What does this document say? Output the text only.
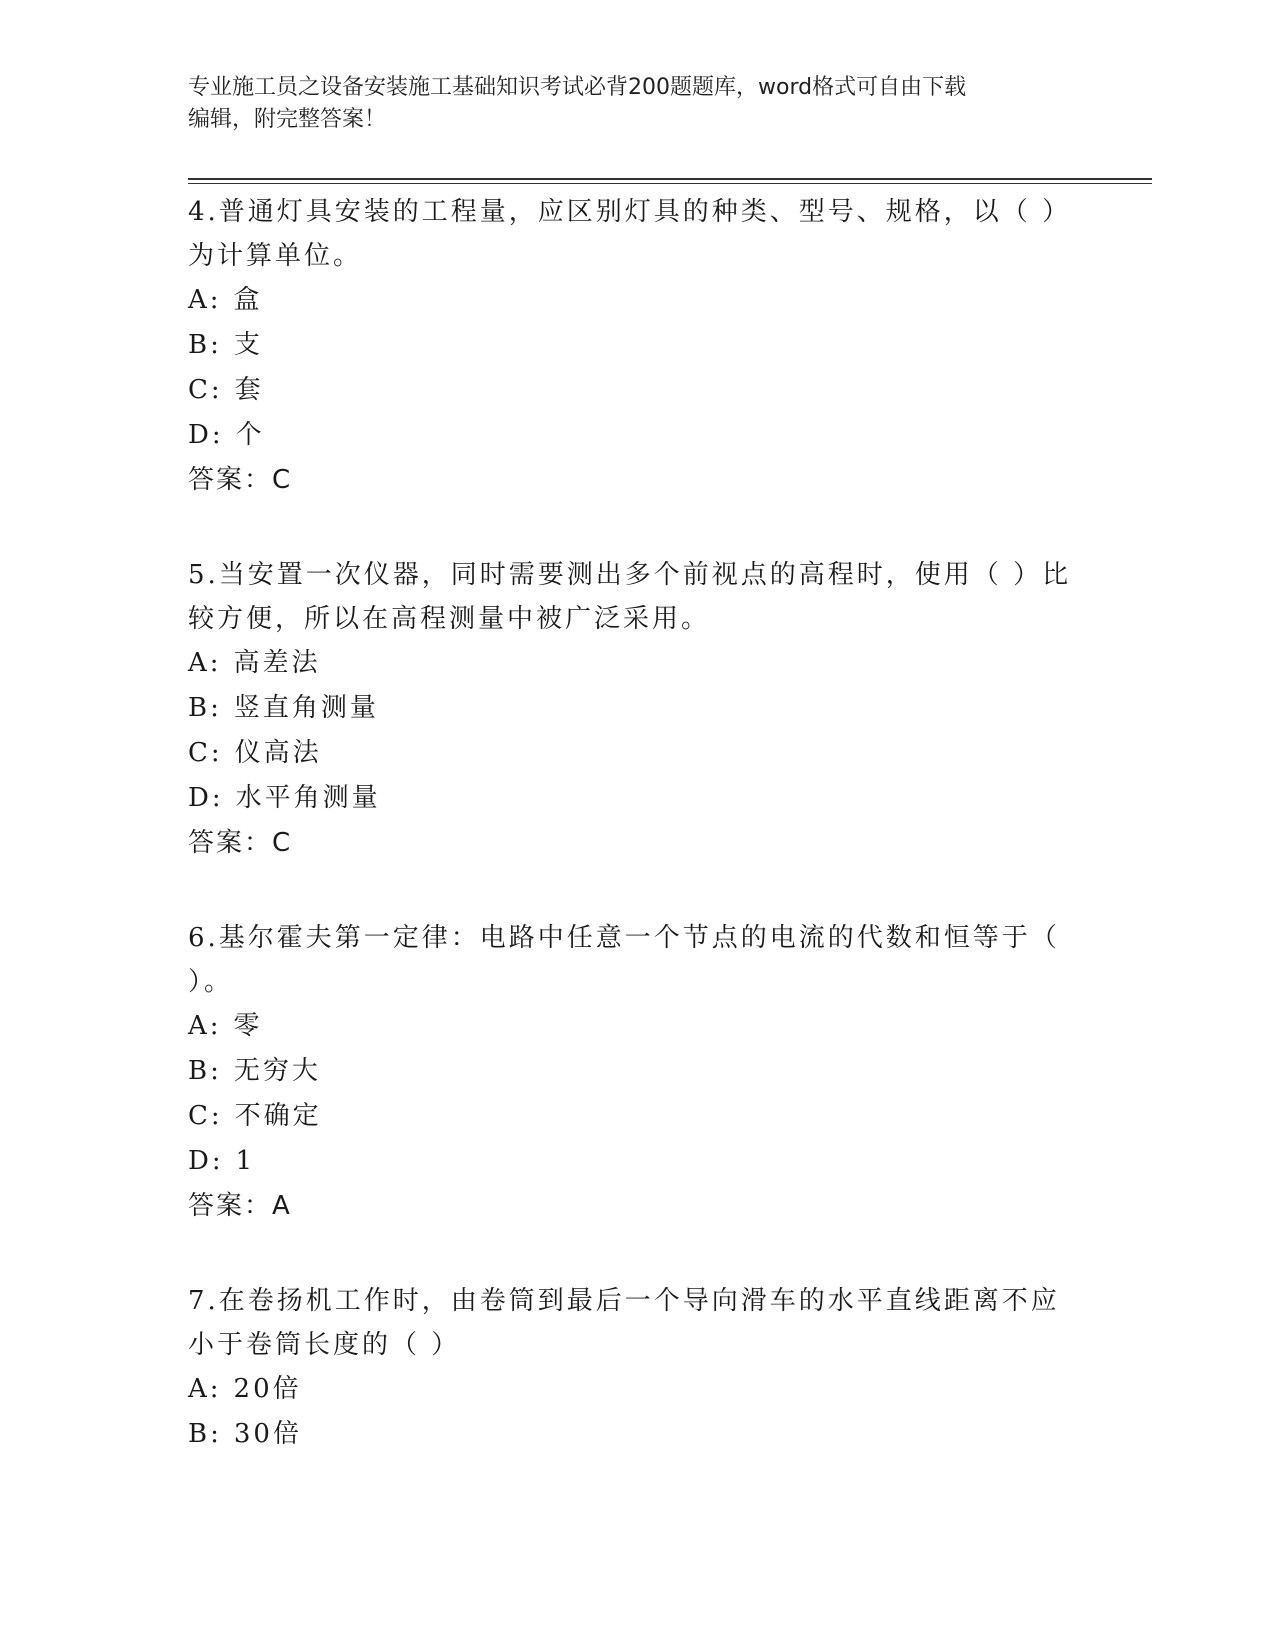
专业施工员之设备安装施工基础知识考试必背200题题库，word格式可自由下载
编辑，附完整答案！

4.普通灯具安装的工程量，应区别灯具的种类、型号、规格，以（ ）
为计算单位。

A: 盒

B: 支

C: 套

D: 个

答案：C

5.当安置一次仪器，同时需要测出多个前视点的高程时，使用（ ）比
较方便，所以在高程测量中被广泛采用。

A: 高差法

B: 竖直角测量

C: 仪高法

D: 水平角测量

答案：C

6.基尔霍夫第一定律：电路中任意一个节点的电流的代数和恒等于（
）。

A: 零

B: 无穷大

C: 不确定

D: 1

答案：A

7.在卷扬机工作时，由卷筒到最后一个导向滑车的水平直线距离不应
小于卷筒长度的（ ）

A: 20倍

B: 30倍
